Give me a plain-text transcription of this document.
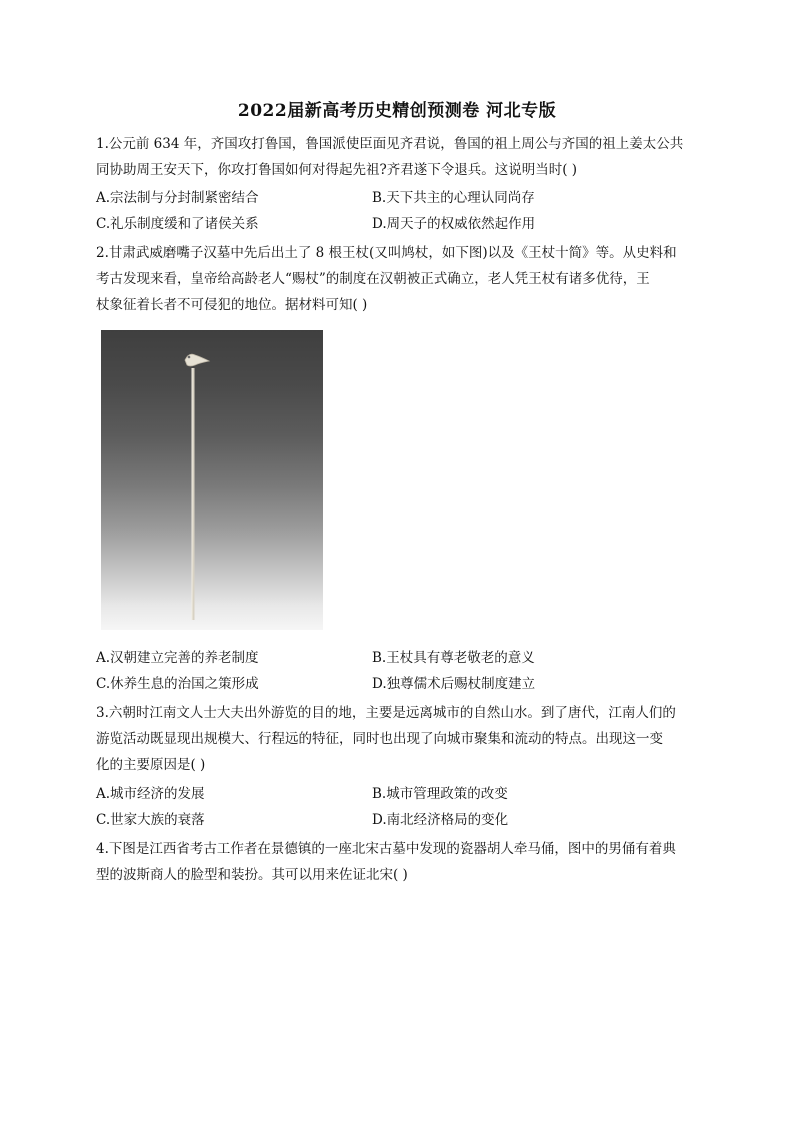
2022届新高考历史精创预测卷 河北专版
1.公元前 634 年，齐国攻打鲁国，鲁国派使臣面见齐君说，鲁国的祖上周公与齐国的祖上姜太公共
同协助周王安天下，你攻打鲁国如何对得起先祖?齐君遂下令退兵。这说明当时( )
A.宗法制与分封制紧密结合	B.天下共主的心理认同尚存
C.礼乐制度缓和了诸侯关系	D.周天子的权威依然起作用
2.甘肃武威磨嘴子汉墓中先后出土了 8 根王杖(又叫鸠杖，如下图)以及《王杖十简》等。从史料和
考古发现来看，皇帝给高龄老人“赐杖”的制度在汉朝被正式确立，老人凭王杖有诸多优待，王
杖象征着长者不可侵犯的地位。据材料可知( )
A.汉朝建立完善的养老制度	B.王杖具有尊老敬老的意义
C.休养生息的治国之策形成	D.独尊儒术后赐杖制度建立
3.六朝时江南文人士大夫出外游览的目的地，主要是远离城市的自然山水。到了唐代，江南人们的
游览活动既显现出规模大、行程远的特征，同时也出现了向城市聚集和流动的特点。出现这一变
化的主要原因是( )
A.城市经济的发展	B.城市管理政策的改变
C.世家大族的衰落	D.南北经济格局的变化
4.下图是江西省考古工作者在景德镇的一座北宋古墓中发现的瓷器胡人牵马俑，图中的男俑有着典
型的波斯商人的脸型和装扮。其可以用来佐证北宋( )
